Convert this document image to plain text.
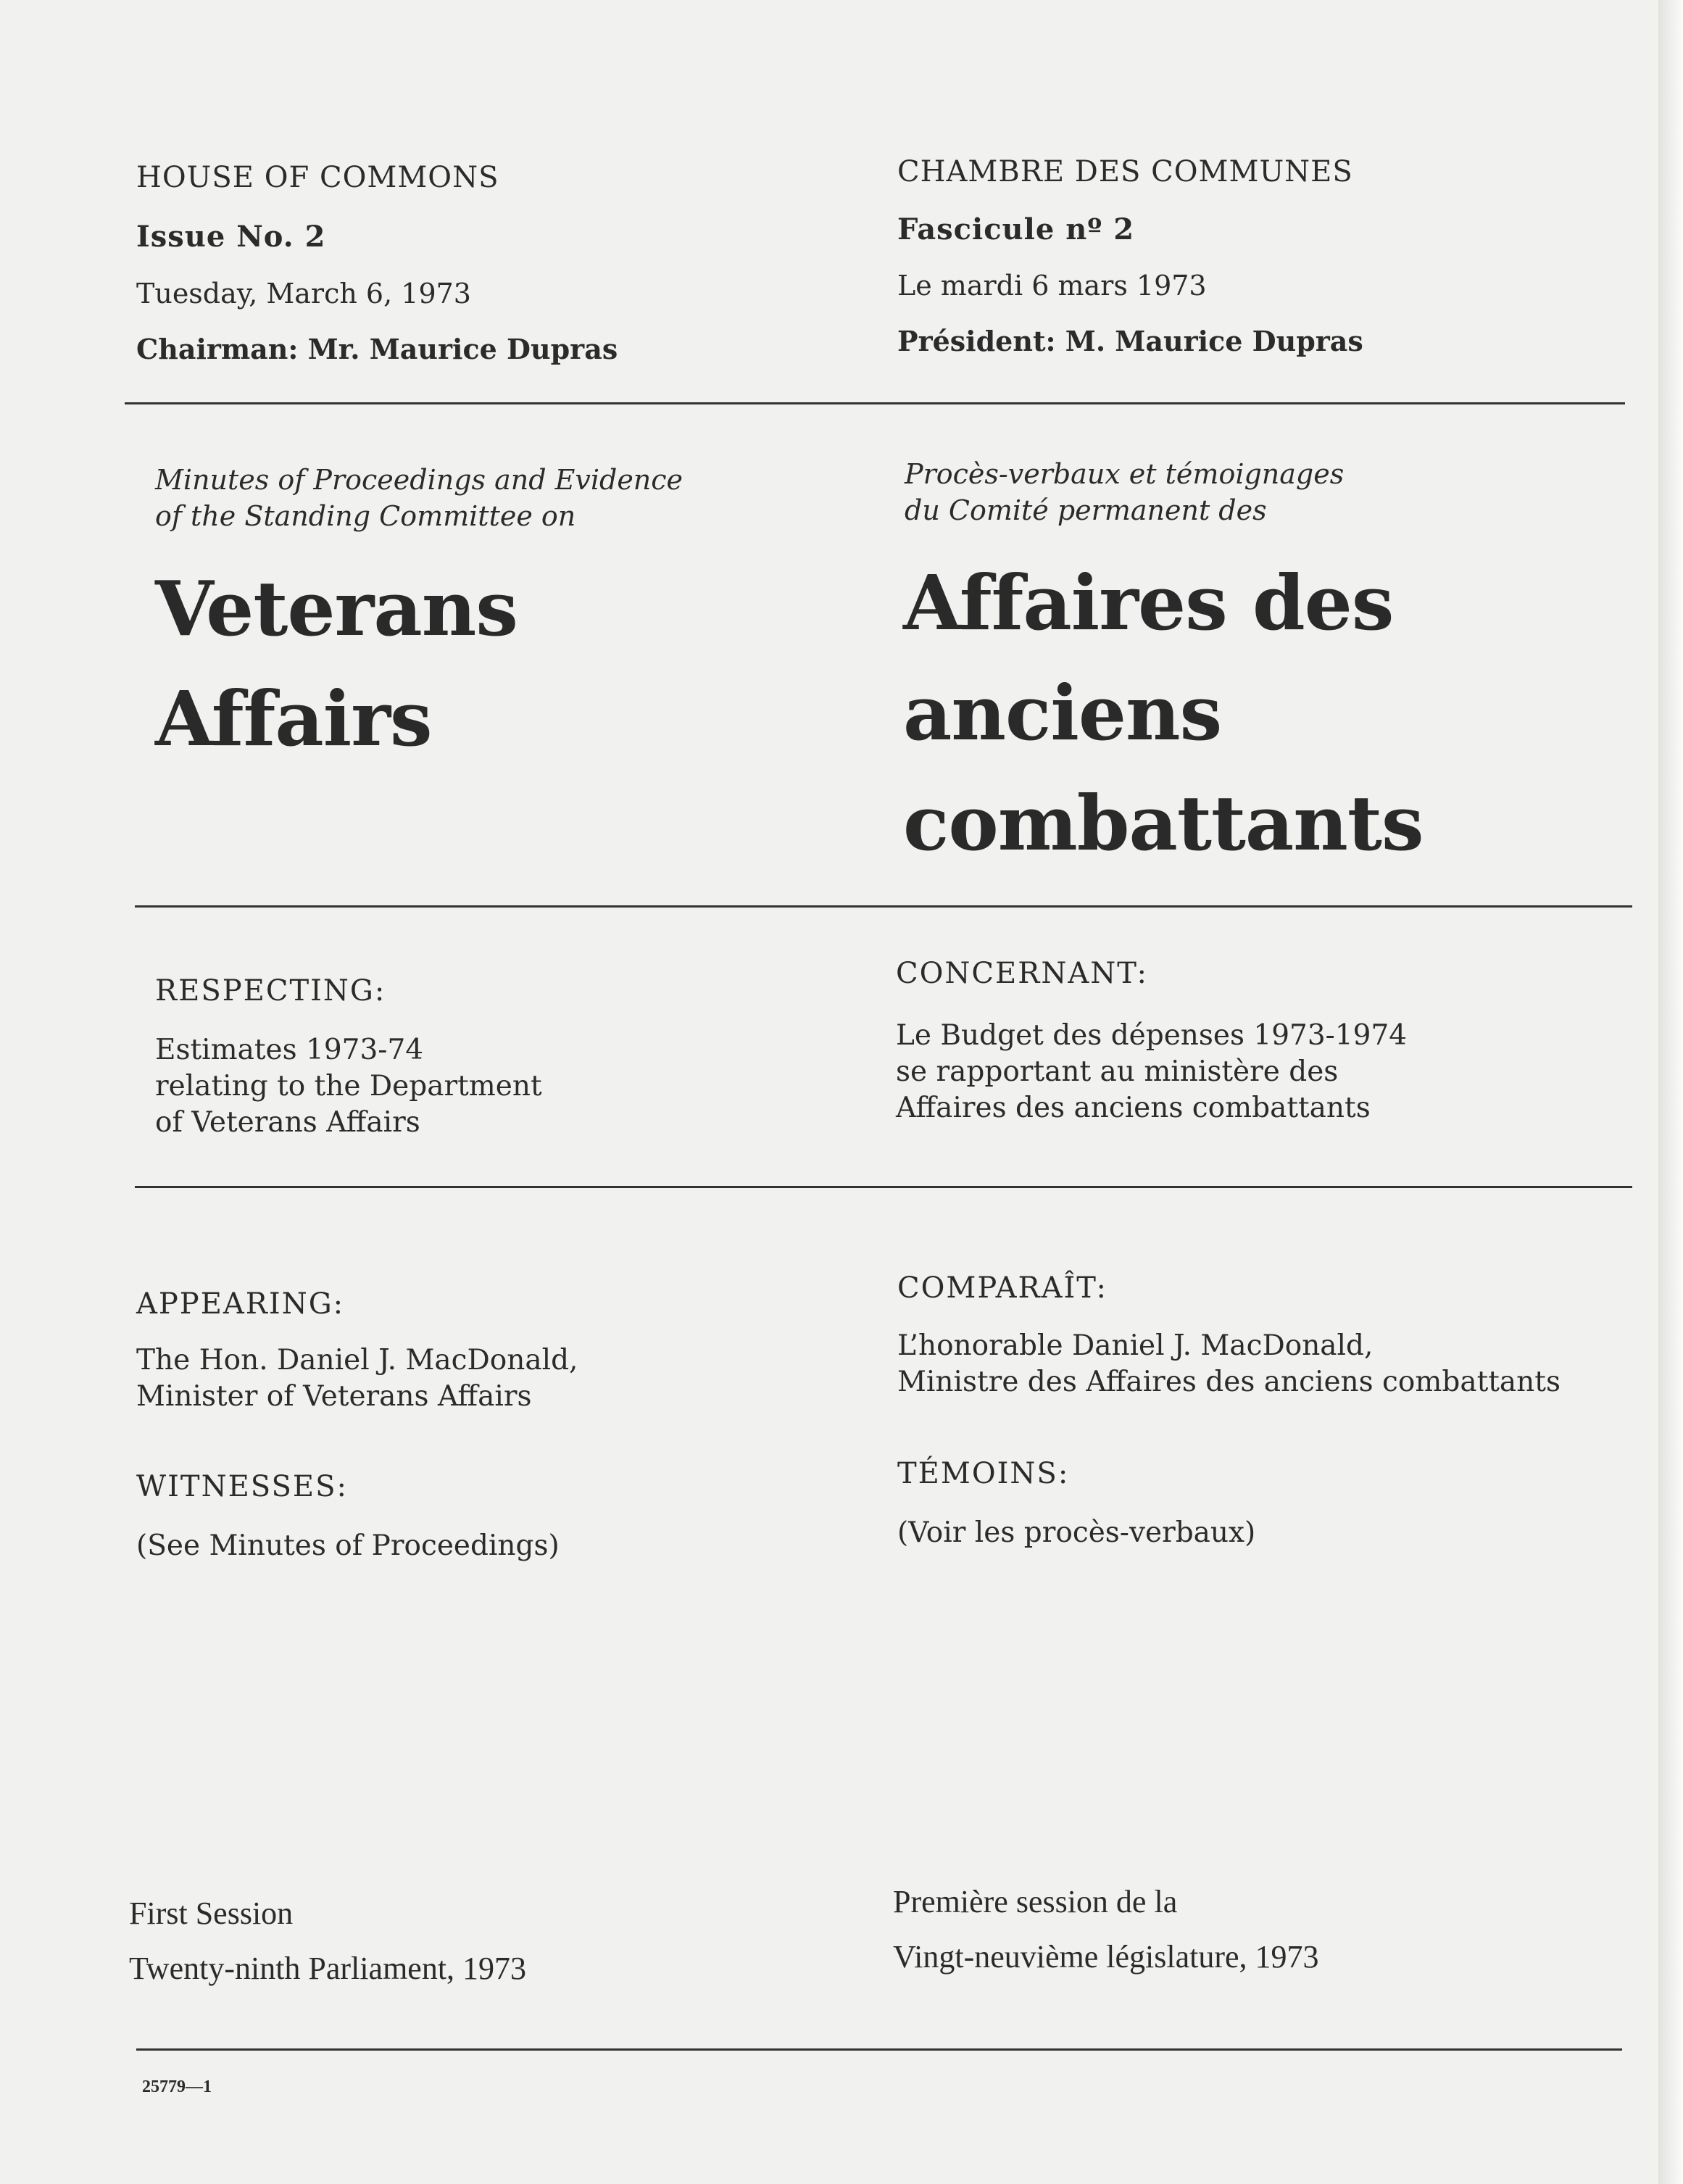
HOUSE OF COMMONS

Issue No. 2

Tuesday, March 6, 1973

Chairman: Mr. Maurice Dupras

CHAMBRE DES COMMUNES

Fascicule nº 2

Le mardi 6 mars 1973

Président: M. Maurice Dupras

Minutes of Proceedings and Evidence

of the Standing Committee on

Procès-verbaux et témoignages

du Comité permanent des

Veterans

Affairs

Affaires des

anciens

combattants

RESPECTING:

Estimates 1973-74

relating to the Department

of Veterans Affairs

CONCERNANT:

Le Budget des dépenses 1973-1974

se rapportant au ministère des

Affaires des anciens combattants

APPEARING:

The Hon. Daniel J. MacDonald,

Minister of Veterans Affairs

COMPARAÎT:

L’honorable Daniel J. MacDonald,

Ministre des Affaires des anciens combattants

WITNESSES:

(See Minutes of Proceedings)

TÉMOINS:

(Voir les procès-verbaux)

First Session

Twenty-ninth Parliament, 1973

Première session de la

Vingt-neuvième législature, 1973

25779—1
